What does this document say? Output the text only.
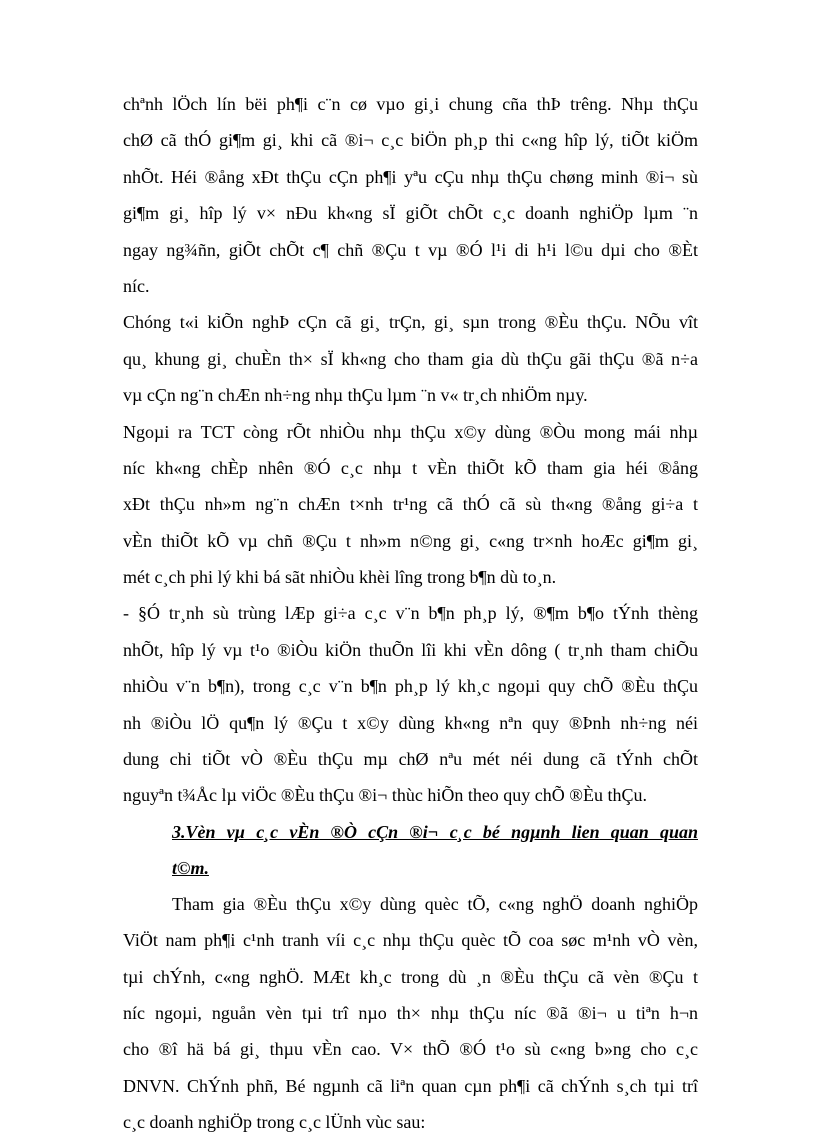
chªnh lÖch lín bëi ph¶i c¨n cø vµo gi¸i chung cña thÞ trêng. Nhµ thÇu
chØ cã thÓ gi¶m gi¸ khi cã ®i¬ c¸c biÖn ph¸p thi c«ng hîp lý, tiÕt kiÖm
nhÕt. Héi ®ång xÐt thÇu cÇn ph¶i yªu cÇu nhµ thÇu chøng minh ®i¬ sù
gi¶m gi¸ hîp lý v× nÐu kh«ng sÏ giÕt chÕt c¸c doanh nghiÖp lµm ¨n
ngay ng¾ñn, giÕt chÕt c¶ chñ ®Çu t vµ ®Ó l¹i di h¹i l©u dµi cho ®Èt
níc.
Chóng t«i kiÕn nghÞ cÇn cã gi¸ trÇn, gi¸ sµn trong ®Èu thÇu. NÕu vît
qu¸ khung gi¸ chuÈn th× sÏ kh«ng cho tham gia dù thÇu gãi thÇu ®ã n÷a
vµ cÇn ng¨n chÆn nh÷ng nhµ thÇu lµm ¨n v« tr¸ch nhiÖm nµy.
Ngoµi ra TCT còng rÕt nhiÒu nhµ thÇu x©y dùng ®Òu mong mái nhµ
níc kh«ng chÈp nhên ®Ó c¸c nhµ t vÈn thiÕt kÕ tham gia héi ®ång
xÐt thÇu nh»m ng¨n chÆn t×nh tr¹ng cã thÓ cã sù th«ng ®ång gi÷a t
vÈn thiÕt kÕ vµ chñ ®Çu t nh»m n©ng gi¸ c«ng tr×nh hoÆc gi¶m gi¸
mét c¸ch phi lý khi bá sãt nhiÒu khèi lîng trong b¶n dù to¸n.
- §Ó tr¸nh sù trùng lÆp gi÷a c¸c v¨n b¶n ph¸p lý, ®¶m b¶o tÝnh thèng
nhÕt, hîp lý vµ t¹o ®iÒu kiÖn thuÕn lîi khi vÈn dông ( tr¸nh tham chiÕu
nhiÒu v¨n b¶n), trong c¸c v¨n b¶n ph¸p lý kh¸c ngoµi quy chÕ ®Èu thÇu
nh ®iÒu lÖ qu¶n lý ®Çu t x©y dùng kh«ng nªn quy ®Þnh nh÷ng néi
dung chi tiÕt vÒ ®Èu thÇu mµ chØ nªu mét néi dung cã tÝnh chÕt
nguyªn t¾Åc lµ viÖc ®Èu thÇu ®i¬ thùc hiÕn theo quy chÕ ®Èu thÇu.
3.Vèn vµ c¸c vÈn ®Ò cÇn ®i¬ c¸c bé ngµnh lien quan quan
t©m.
Tham gia ®Èu thÇu x©y dùng quèc tÕ, c«ng nghÖ doanh nghiÖp
ViÖt nam ph¶i c¹nh tranh víi c¸c nhµ thÇu quèc tÕ coa søc m¹nh vÒ vèn,
tµi chÝnh, c«ng nghÖ. MÆt kh¸c trong dù ¸n ®Èu thÇu cã vèn ®Çu t
níc ngoµi, nguån vèn tµi trî nµo th× nhµ thÇu níc ®ã ®i¬ u tiªn h¬n
cho ®î hä bá gi¸ thµu vÈn cao. V× thÕ ®Ó t¹o sù c«ng b»ng cho c¸c
DNVN. ChÝnh phñ, Bé ngµnh cã liªn quan cµn ph¶i cã chÝnh s¸ch tµi trî
c¸c doanh nghiÖp trong c¸c lÜnh vùc sau:
